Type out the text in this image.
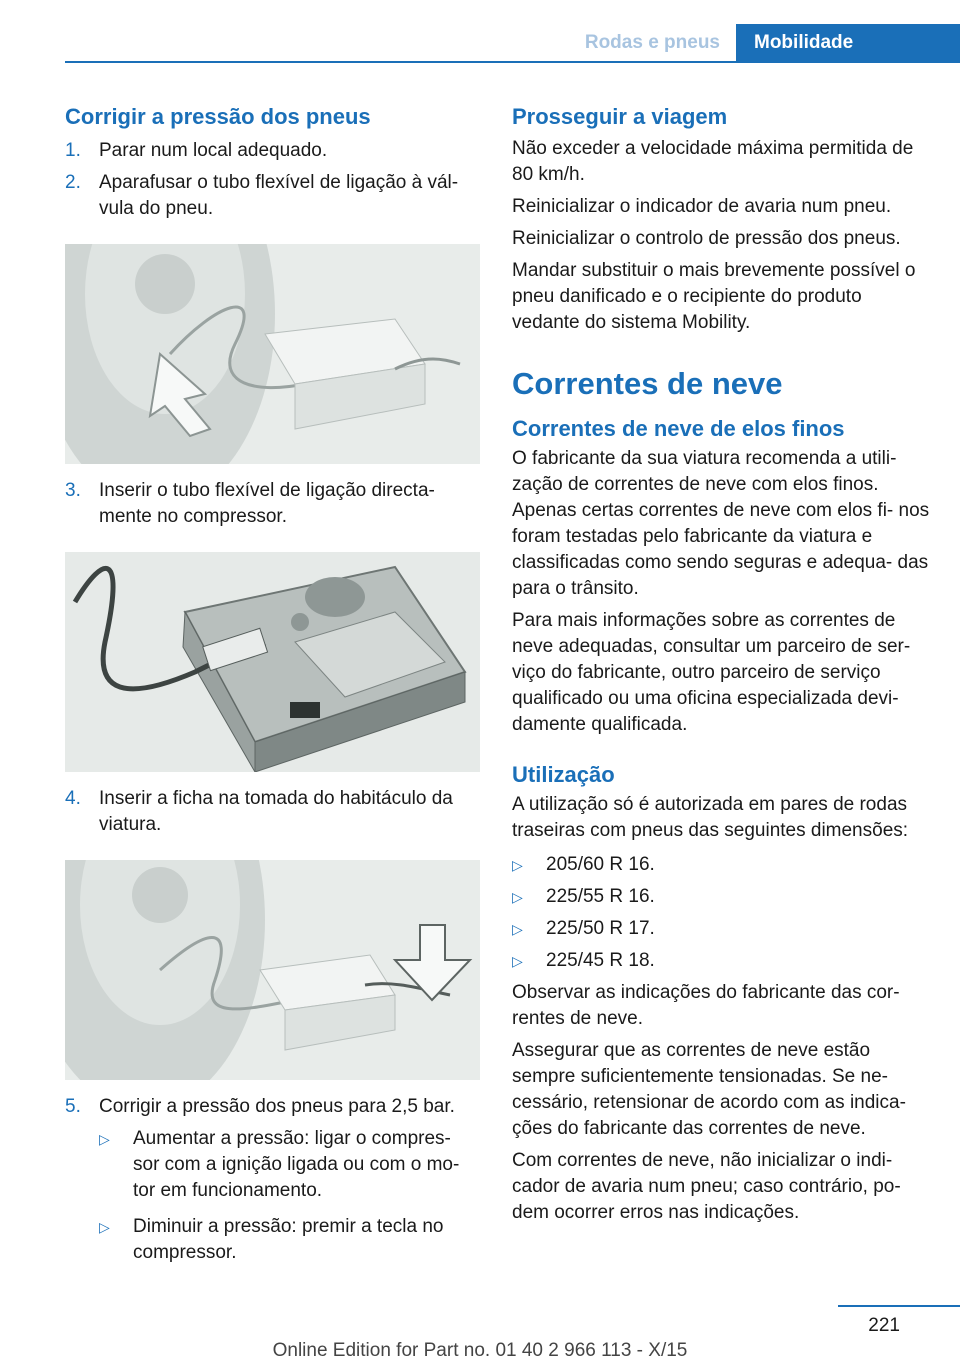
Rodas e pneus	Mobilidade
Corrigir a pressão dos pneus
1. Parar num local adequado.
2. Aparafusar o tubo flexível de ligação à vál‐ vula do pneu.
3. Inserir o tubo flexível de ligação directa‐ mente no compressor.
4. Inserir a ficha na tomada do habitáculo da viatura.
5. Corrigir a pressão dos pneus para 2,5 bar.
▷	Aumentar a pressão: ligar o compres‐ sor com a ignição ligada ou com o mo‐ tor em funcionamento.
▷	Diminuir a pressão: premir a tecla no compressor.
Prosseguir a viagem

Não exceder a velocidade máxima permitida de 80 km/h.

Reinicializar o indicador de avaria num pneu.

Reinicializar o controlo de pressão dos pneus.

Mandar substituir o mais brevemente possível o pneu danificado e o recipiente do produto vedante do sistema Mobility.

Correntes de neve
Correntes de neve de elos finos

O fabricante da sua viatura recomenda a utili‐ zação de correntes de neve com elos finos. Apenas certas correntes de neve com elos fi‐ nos foram testadas pelo fabricante da viatura e classificadas como sendo seguras e adequa‐ das para o trânsito.

Para mais informações sobre as correntes de neve adequadas, consultar um parceiro de ser‐ viço do fabricante, outro parceiro de serviço qualificado ou uma oficina especializada devi‐ damente qualificada.

Utilização

A utilização só é autorizada em pares de rodas traseiras com pneus das seguintes dimensões:

▷	205/60 R 16.
▷	225/55 R 16.
▷	225/50 R 17.
▷	225/45 R 18.

Observar as indicações do fabricante das cor‐ rentes de neve.

Assegurar que as correntes de neve estão sempre suficientemente tensionadas. Se ne‐ cessário, retensionar de acordo com as indica‐ ções do fabricante das correntes de neve.

Com correntes de neve, não inicializar o indi‐ cador de avaria num pneu; caso contrário, po‐ dem ocorrer erros nas indicações.

221
Online Edition for Part no. 01 40 2 966 113 - X/15
